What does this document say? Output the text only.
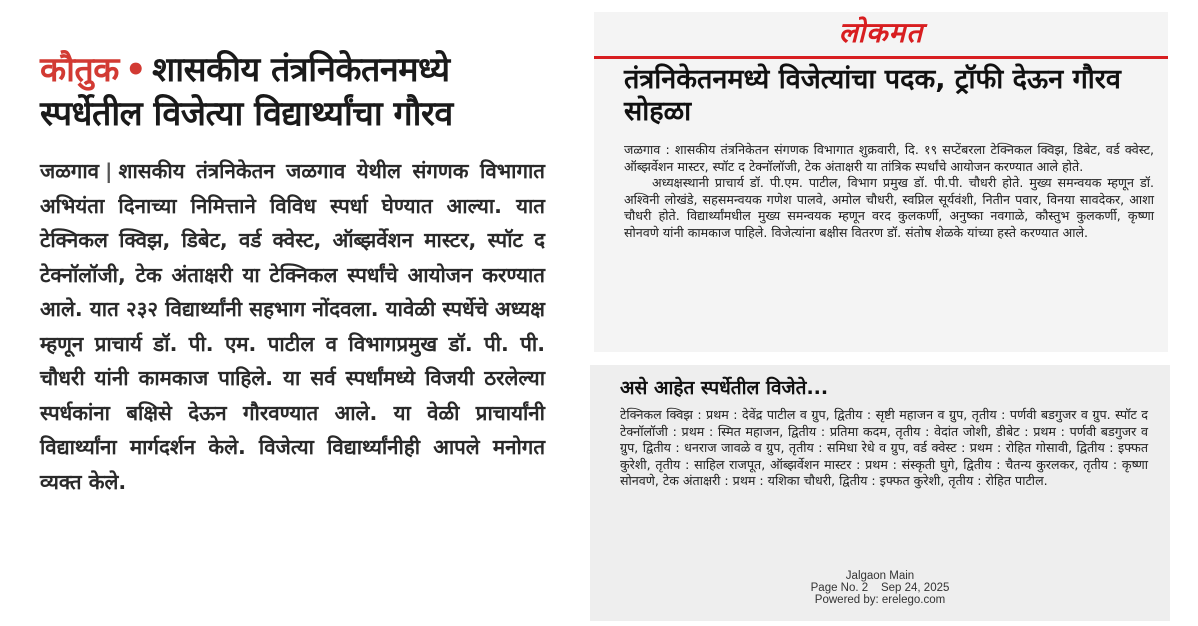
कौतुक • शासकीय तंत्रनिकेतनमध्ये स्पर्धेतील विजेत्या विद्यार्थ्यांचा गौरव
जळगाव | शासकीय तंत्रनिकेतन जळगाव येथील संगणक विभागात अभियंता दिनाच्या निमित्ताने विविध स्पर्धा घेण्यात आल्या. यात टेक्निकल क्विझ, डिबेट, वर्ड क्वेस्ट, ऑब्झर्वेशन मास्टर, स्पॉट द टेक्नॉलॉजी, टेक अंताक्षरी या टेक्निकल स्पर्धांचे आयोजन करण्यात आले. यात २३२ विद्यार्थ्यांनी सहभाग नोंदवला. यावेळी स्पर्धेचे अध्यक्ष म्हणून प्राचार्य डॉ. पी. एम. पाटील व विभागप्रमुख डॉ. पी. पी. चौधरी यांनी कामकाज पाहिले. या सर्व स्पर्धांमध्ये विजयी ठरलेल्या स्पर्धकांना बक्षिसे देऊन गौरवण्यात आले. या वेळी प्राचार्यांनी विद्यार्थ्यांना मार्गदर्शन केले. विजेत्या विद्यार्थ्यांनीही आपले मनोगत व्यक्त केले.
लोकमत
तंत्रनिकेतनमध्ये विजेत्यांचा पदक, ट्रॉफी देऊन गौरव सोहळा

जळगाव : शासकीय तंत्रनिकेतन संगणक विभागात शुक्रवारी, दि. १९ सप्टेंबरला टेक्निकल क्विझ, डिबेट, वर्ड क्वेस्ट, ऑब्झर्वेशन मास्टर, स्पॉट द टेक्नॉलॉजी, टेक अंताक्षरी या तांत्रिक स्पर्धांचे आयोजन करण्यात आले होते.

अध्यक्षस्थानी प्राचार्य डॉ. पी.एम. पाटील, विभाग प्रमुख डॉ. पी.पी. चौधरी होते. मुख्य समन्वयक म्हणून डॉ. अश्विनी लोखंडे, सहसमन्वयक गणेश पालवे, अमोल चौधरी, स्वप्निल सूर्यवंशी, नितीन पवार, विनया सावदेकर, आशा चौधरी होते. विद्यार्थ्यांमधील मुख्य समन्वयक म्हणून वरद कुलकर्णी, अनुष्का नवगाळे, कौस्तुभ कुलकर्णी, कृष्णा सोनवणे यांनी कामकाज पाहिले. विजेत्यांना बक्षीस वितरण डॉ. संतोष शेळके यांच्या हस्ते करण्यात आले.

असे आहेत स्पर्धेतील विजेते...
टेक्निकल क्विझ : प्रथम : देवेंद्र पाटील व ग्रुप, द्वितीय : सृष्टी महाजन व ग्रुप, तृतीय : पर्णवी बडगुजर व ग्रुप. स्पॉट द टेक्नॉलॉजी : प्रथम : स्मित महाजन, द्वितीय : प्रतिमा कदम, तृतीय : वेदांत जोशी, डीबेट : प्रथम : पर्णवी बडगुजर व ग्रुप, द्वितीय : धनराज जावळे व ग्रुप, तृतीय : समिधा रेधे व ग्रुप, वर्ड क्वेस्ट : प्रथम : रोहित गोसावी, द्वितीय : इफ्फत कुरेशी, तृतीय : साहिल राजपूत, ऑब्झर्वेशन मास्टर : प्रथम : संस्कृती घुगे, द्वितीय : चैतन्य कुरलकर, तृतीय : कृष्णा सोनवणे, टेक अंताक्षरी : प्रथम : यशिका चौधरी, द्वितीय : इफ्फत कुरेशी, तृतीय : रोहित पाटील.
Jalgaon Main
Page No. 2 Sep 24, 2025
Powered by: erelego.com
